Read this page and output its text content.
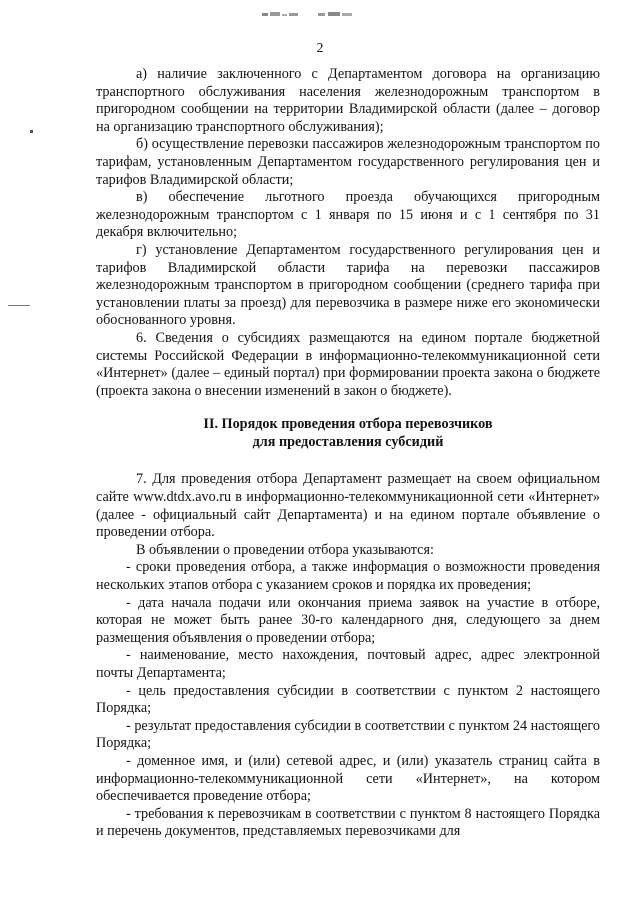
2

а) наличие заключенного с Департаментом договора на организацию транспортного обслуживания населения железнодорожным транспортом в пригородном сообщении на территории Владимирской области (далее – договор на организацию транспортного обслуживания);

б) осуществление перевозки пассажиров железнодорожным транспортом по тарифам, установленным Департаментом государственного регулирования цен и тарифов Владимирской области;

в) обеспечение льготного проезда обучающихся пригородным железнодорожным транспортом с 1 января по 15 июня и с 1 сентября по 31 декабря включительно;

г) установление Департаментом государственного регулирования цен и тарифов Владимирской области тарифа на перевозки пассажиров железнодорожным транспортом в пригородном сообщении (среднего тарифа при установлении платы за проезд) для перевозчика в размере ниже его экономически обоснованного уровня.

6. Сведения о субсидиях размещаются на едином портале бюджетной системы Российской Федерации в информационно-телекоммуникационной сети «Интернет» (далее – единый портал) при формировании проекта закона о бюджете (проекта закона о внесении изменений в закон о бюджете).

II. Порядок проведения отбора перевозчиков
для предоставления субсидий

7. Для проведения отбора Департамент размещает на своем официальном сайте www.dtdx.avo.ru в информационно-телекоммуникационной сети «Интернет» (далее - официальный сайт Департамента) и на едином портале объявление о проведении отбора.

В объявлении о проведении отбора указываются:

- сроки проведения отбора, а также информация о возможности проведения нескольких этапов отбора с указанием сроков и порядка их проведения;

- дата начала подачи или окончания приема заявок на участие в отборе, которая не может быть ранее 30-го календарного дня, следующего за днем размещения объявления о проведении отбора;

- наименование, место нахождения, почтовый адрес, адрес электронной почты Департамента;

- цель предоставления субсидии в соответствии с пунктом 2 настоящего Порядка;

- результат предоставления субсидии в соответствии с пунктом 24 настоящего Порядка;

- доменное имя, и (или) сетевой адрес, и (или) указатель страниц сайта в информационно-телекоммуникационной сети «Интернет», на котором обеспечивается проведение отбора;

- требования к перевозчикам в соответствии с пунктом 8 настоящего Порядка и перечень документов, представляемых перевозчиками для
